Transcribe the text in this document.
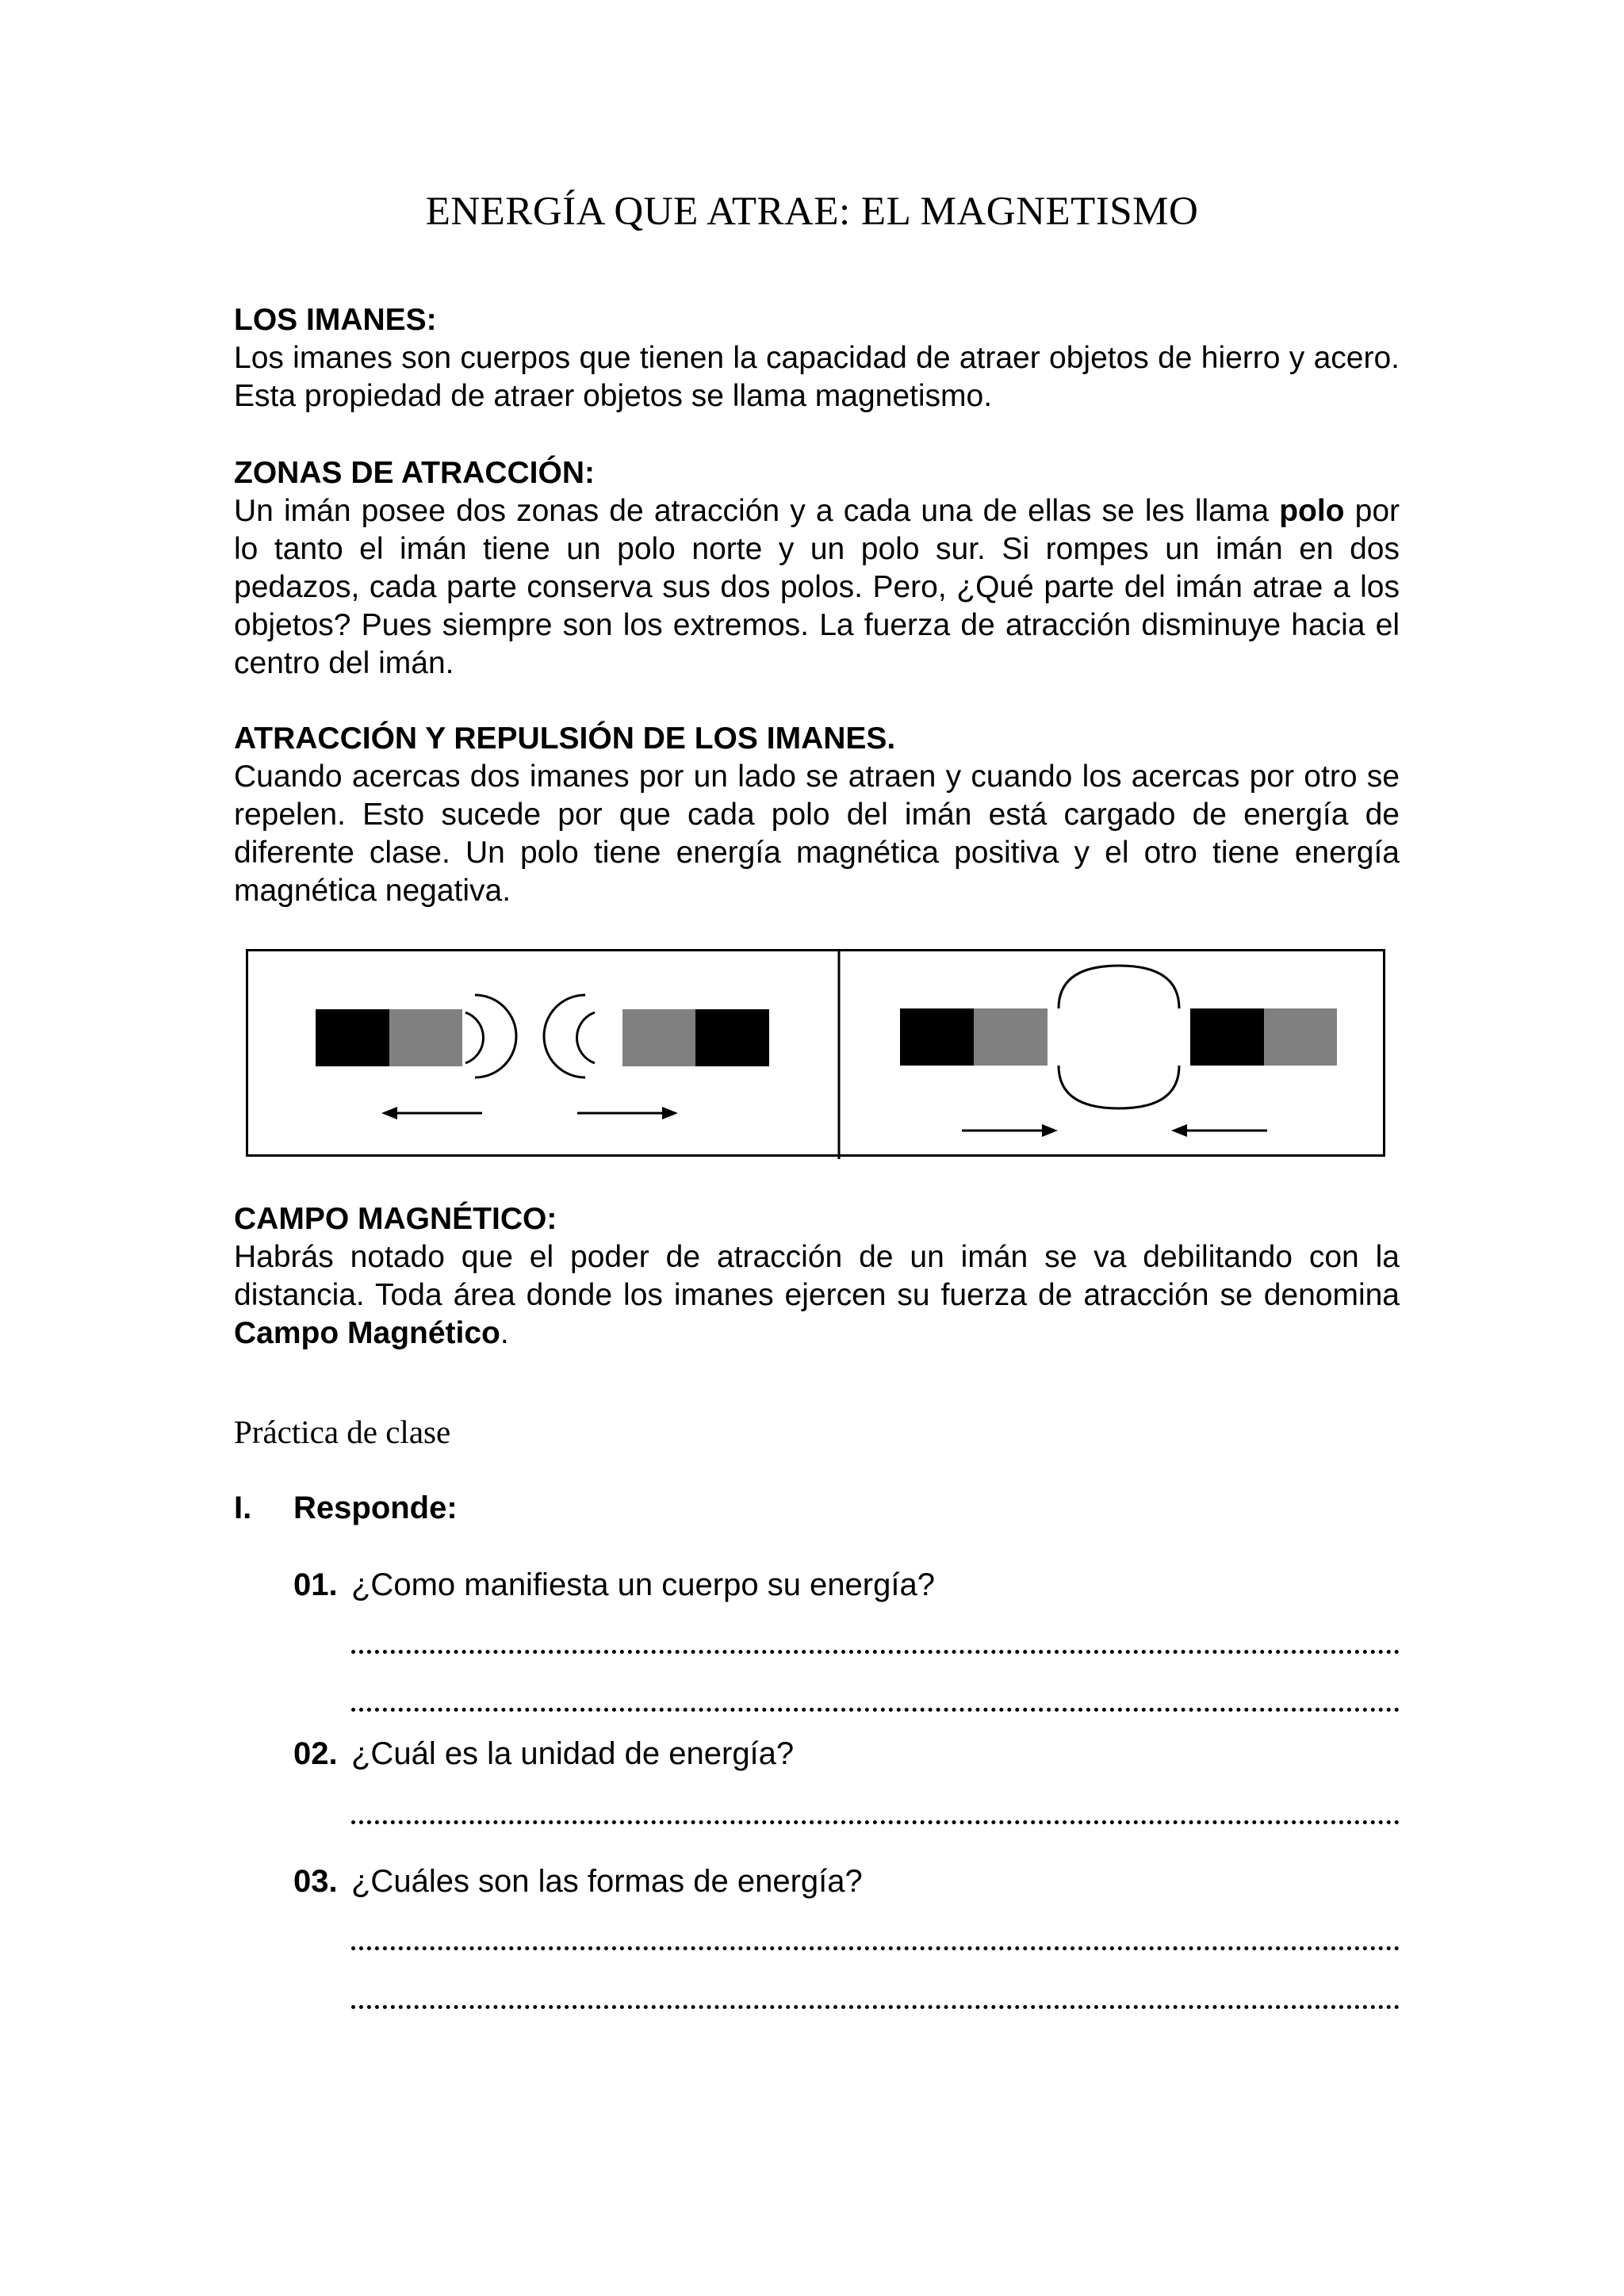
ENERGÍA QUE ATRAE: EL MAGNETISMO
LOS IMANES:
Los imanes son cuerpos que tienen la capacidad de atraer objetos de hierro y acero. Esta propiedad de atraer objetos se llama magnetismo.
ZONAS DE ATRACCIÓN:
Un imán posee dos zonas de atracción y a cada una de ellas se les llama polo por lo tanto el imán tiene un polo norte y un polo sur. Si rompes un imán en dos pedazos, cada parte conserva sus dos polos. Pero, ¿Qué parte del imán atrae a los objetos? Pues siempre son los extremos. La fuerza de atracción disminuye hacia el centro del imán.
ATRACCIÓN Y REPULSIÓN DE LOS IMANES.
Cuando acercas dos imanes por un lado se atraen y cuando los acercas por otro se repelen. Esto sucede por que cada polo del imán está cargado de energía de diferente clase. Un polo tiene energía magnética positiva y el otro tiene energía magnética negativa.
CAMPO MAGNÉTICO:
Habrás notado que el poder de atracción de un imán se va debilitando con la distancia. Toda área donde los imanes ejercen su fuerza de atracción se denomina Campo Magnético.
Práctica de clase
I. Responde:
01. ¿Como manifiesta un cuerpo su energía?
02. ¿Cuál es la unidad de energía?
03. ¿Cuáles son las formas de energía?
